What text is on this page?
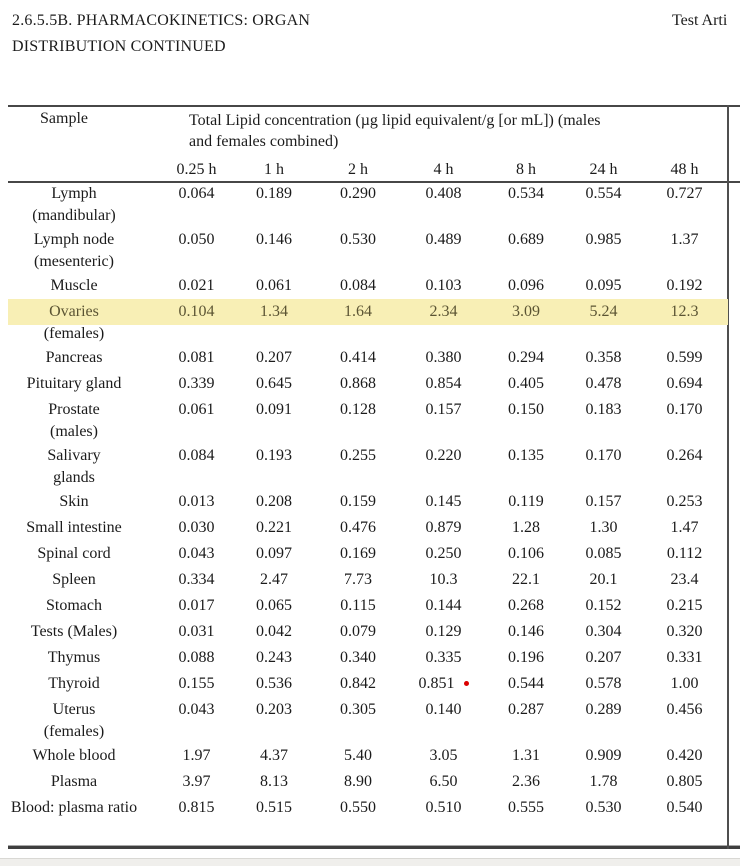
2.6.5.5B. PHARMACOKINETICS: ORGAN
DISTRIBUTION CONTINUED
Test Arti
Sample	Total Lipid concentration (µg lipid equivalent/g [or mL]) (males
and females combined)						

	0.25 h	1 h	2 h	4 h	8 h	24 h	48 h
Lymph	0.064	0.189	0.290	0.408	0.534	0.554	0.727
(mandibular)							
Lymph node	0.050	0.146	0.530	0.489	0.689	0.985	1.37
(mesenteric)							
Muscle	0.021	0.061	0.084	0.103	0.096	0.095	0.192
Ovaries	0.104	1.34	1.64	2.34	3.09	5.24	12.3
(females)							
Pancreas	0.081	0.207	0.414	0.380	0.294	0.358	0.599
Pituitary gland	0.339	0.645	0.868	0.854	0.405	0.478	0.694
Prostate	0.061	0.091	0.128	0.157	0.150	0.183	0.170
(males)							
Salivary	0.084	0.193	0.255	0.220	0.135	0.170	0.264
glands							
Skin	0.013	0.208	0.159	0.145	0.119	0.157	0.253
Small intestine	0.030	0.221	0.476	0.879	1.28	1.30	1.47
Spinal cord	0.043	0.097	0.169	0.250	0.106	0.085	0.112
Spleen	0.334	2.47	7.73	10.3	22.1	20.1	23.4
Stomach	0.017	0.065	0.115	0.144	0.268	0.152	0.215
Tests (Males)	0.031	0.042	0.079	0.129	0.146	0.304	0.320
Thymus	0.088	0.243	0.340	0.335	0.196	0.207	0.331
Thyroid	0.155	0.536	0.842	0.851	0.544	0.578	1.00
Uterus	0.043	0.203	0.305	0.140	0.287	0.289	0.456
(females)							
Whole blood	1.97	4.37	5.40	3.05	1.31	0.909	0.420
Plasma	3.97	8.13	8.90	6.50	2.36	1.78	0.805
Blood: plasma ratio	0.815	0.515	0.550	0.510	0.555	0.530	0.540
